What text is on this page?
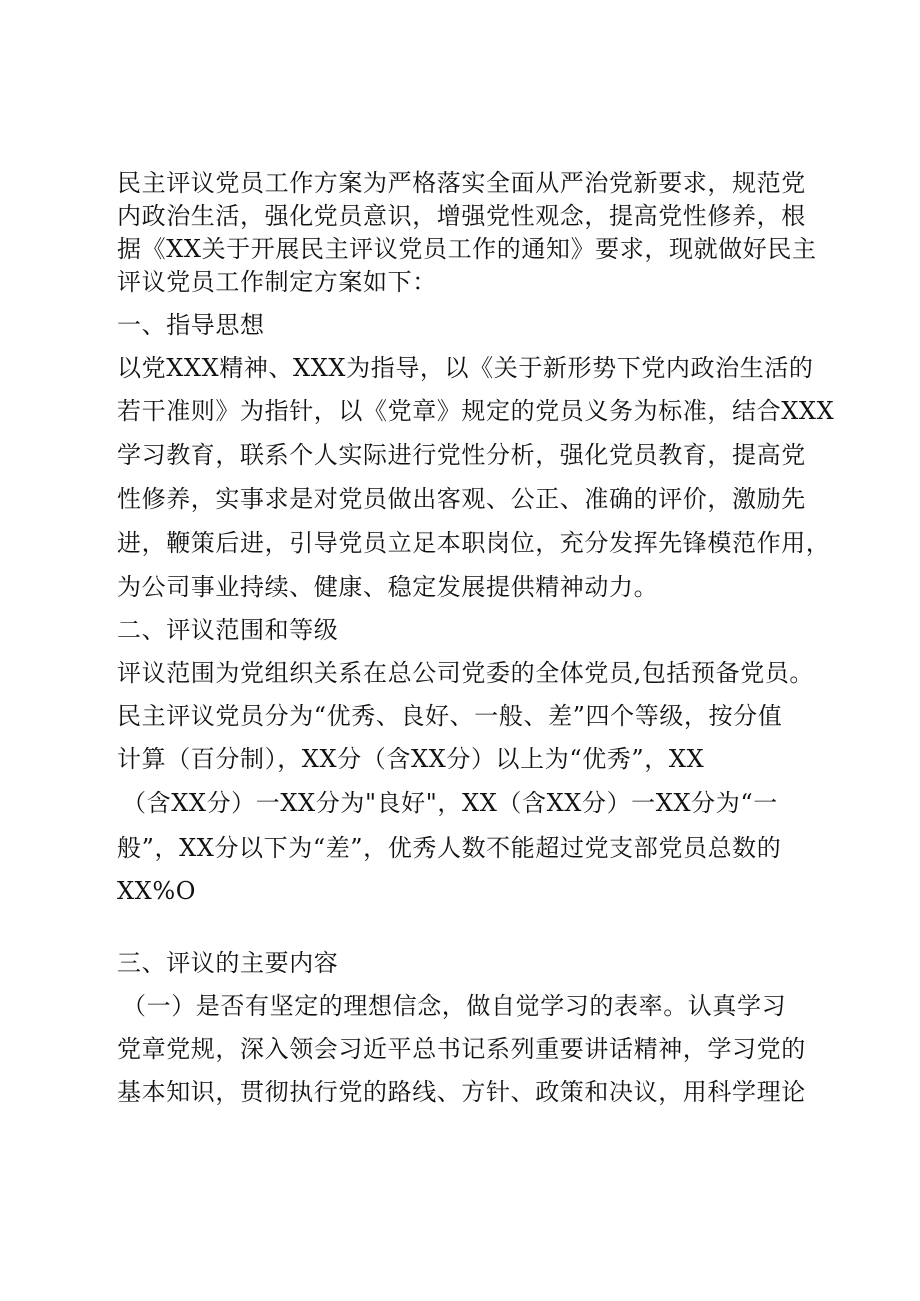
民主评议党员工作方案为严格落实全面从严治党新要求，规范党
内政治生活，强化党员意识，增强党性观念，提高党性修养，根
据《XX关于开展民主评议党员工作的通知》要求，现就做好民主
评议党员工作制定方案如下：
一、指导思想
以党XXX精神、XXX为指导，以《关于新形势下党内政治生活的
若干准则》为指针，以《党章》规定的党员义务为标准，结合XXX
学习教育，联系个人实际进行党性分析，强化党员教育，提高党
性修养，实事求是对党员做出客观、公正、准确的评价，激励先
进，鞭策后进，引导党员立足本职岗位，充分发挥先锋模范作用，
为公司事业持续、健康、稳定发展提供精神动力。
二、评议范围和等级
评议范围为党组织关系在总公司党委的全体党员,包括预备党员。
民主评议党员分为“优秀、良好、一般、差”四个等级，按分值
计算（百分制），XX分（含XX分）以上为“优秀”，XX
（含XX分）一XX分为"良好"，XX（含XX分）一XX分为“一
般”，XX分以下为“差”，优秀人数不能超过党支部党员总数的
XX%O
三、评议的主要内容
（一）是否有坚定的理想信念，做自觉学习的表率。认真学习
党章党规，深入领会习近平总书记系列重要讲话精神，学习党的
基本知识，贯彻执行党的路线、方针、政策和决议，用科学理论
